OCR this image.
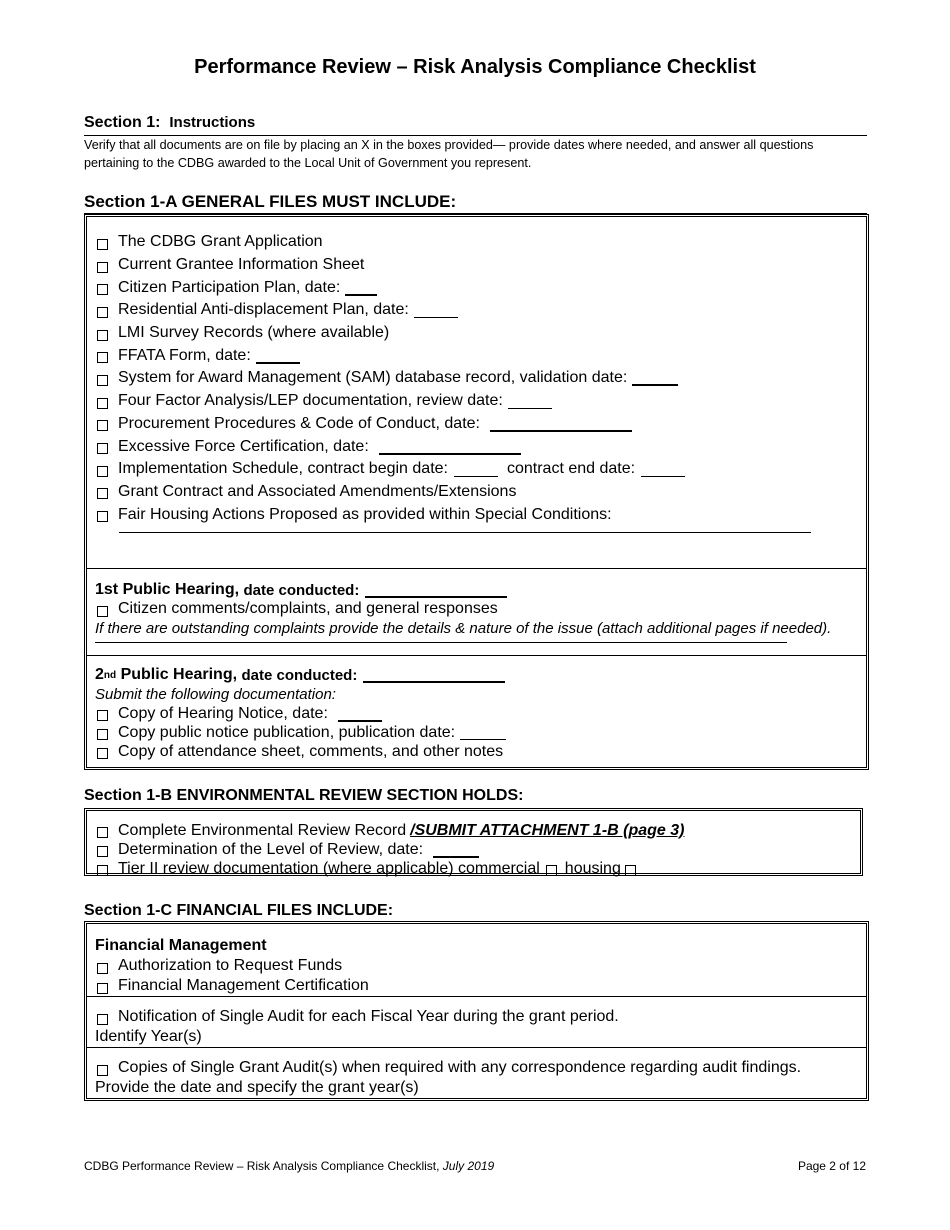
Performance Review – Risk Analysis Compliance Checklist
Section 1: Instructions
Verify that all documents are on file by placing an X in the boxes provided— provide dates where needed, and answer all questions pertaining to the CDBG awarded to the Local Unit of Government you represent.
Section 1-A GENERAL FILES MUST INCLUDE:
The CDBG Grant Application
Current Grantee Information Sheet
Citizen Participation Plan, date:
Residential Anti-displacement Plan, date:
LMI Survey Records (where available)
FFATA Form, date:
System for Award Management (SAM) database record, validation date:
Four Factor Analysis/LEP documentation, review date:
Procurement Procedures & Code of Conduct, date:
Excessive Force Certification, date:
Implementation Schedule, contract begin date:	contract end date:
Grant Contract and Associated Amendments/Extensions
Fair Housing Actions Proposed as provided within Special Conditions:
1st Public Hearing,
date conducted:
Citizen comments/complaints, and general responses
If there are outstanding complaints provide the details & nature of the issue (attach additional pages if needed).
2 nd
Public Hearing,
date conducted:
Submit the following documentation:
Copy of Hearing Notice, date:
Copy public notice publication, publication date:
Copy of attendance sheet, comments, and other notes
Section 1-B ENVIRONMENTAL REVIEW SECTION HOLDS:
Complete Environmental Review Record /SUBMIT ATTACHMENT 1-B (page 3)
Determination of the Level of Review, date:
Tier II review documentation (where applicable) commercial housing
Section 1-C FINANCIAL FILES INCLUDE:
Financial Management
Authorization to Request Funds
Financial Management Certification
Notification of Single Audit for each Fiscal Year during the grant period.
Identify Year(s)
Copies of Single Grant Audit(s) when required with any correspondence regarding audit findings.
Provide the date and specify the grant year(s)
CDBG Performance Review – Risk Analysis Compliance Checklist, July 2019	Page 2 of 12
